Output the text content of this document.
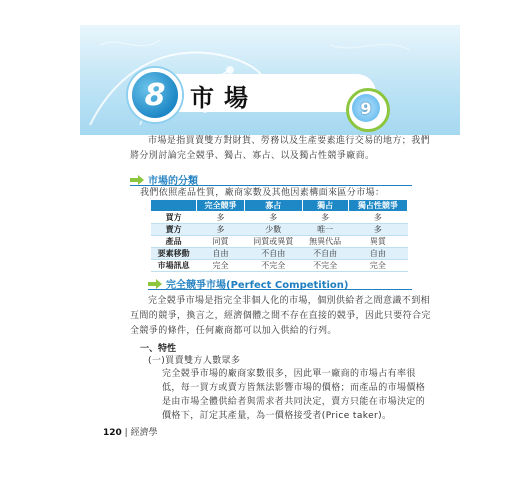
8	市場	9
市場是指買賣雙方對財貨、勞務以及生產要素進行交易的地方；我們
將分別討論完全競爭、獨占、寡占、以及獨占性競爭廠商。
市場的分類
我們依照產品性質，廠商家數及其他因素構面來區分市場：
	完全競爭	寡占	獨占	獨占性競爭
買方	多	多	多	多
賣方	多	少數	唯一	多
產品	同質	同質或異質	無異代品	異質
要素移動	自由	不自由	不自由	自由
市場訊息	完全	不完全	不完全	完全
完全競爭市場(Perfect Competition)
完全競爭市場是指完全非個人化的市場，個別供給者之間意識不到相
互間的競爭，換言之，經濟個體之間不存在直接的競爭，因此只要符合完
全競爭的條件，任何廠商都可以加入供給的行列。
一、特性
(一)買賣雙方人數眾多
完全競爭市場的廠商家數很多，因此單一廠商的市場占有率很
低，每一買方或賣方皆無法影響市場的價格；而產品的市場價格
是由市場全體供給者與需求者共同決定，賣方只能在市場決定的
價格下，訂定其產量，為一價格接受者(Price taker)。
120 | 經濟學
